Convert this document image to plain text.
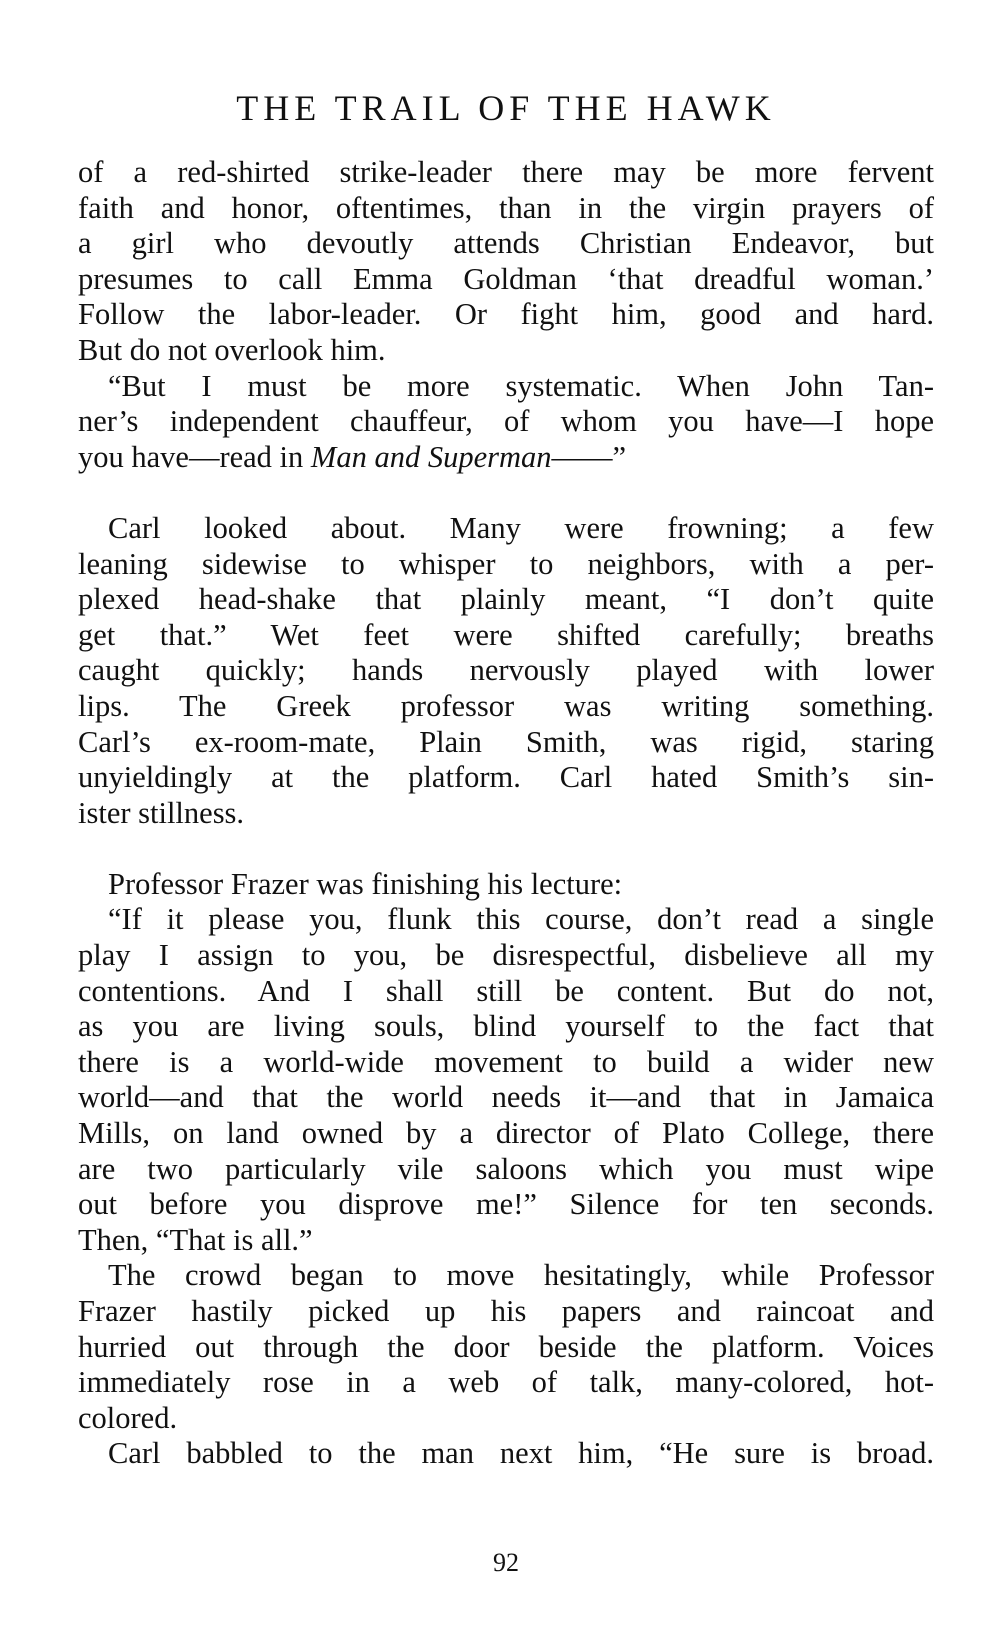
THE TRAIL OF THE HAWK
of a red-shirted strike-leader there may be more fervent
faith and honor, oftentimes, than in the virgin prayers of
a girl who devoutly attends Christian Endeavor, but
presumes to call Emma Goldman ‘that dreadful woman.’
Follow the labor-leader. Or fight him, good and hard.
But do not overlook him.
“But I must be more systematic. When John Tan-
ner’s independent chauffeur, of whom you have—I hope
you have—read in Man and Superman——”
Carl looked about. Many were frowning; a few
leaning sidewise to whisper to neighbors, with a per-
plexed head-shake that plainly meant, “I don’t quite
get that.” Wet feet were shifted carefully; breaths
caught quickly; hands nervously played with lower
lips. The Greek professor was writing something.
Carl’s ex-room-mate, Plain Smith, was rigid, staring
unyieldingly at the platform. Carl hated Smith’s sin-
ister stillness.
Professor Frazer was finishing his lecture:
“If it please you, flunk this course, don’t read a single
play I assign to you, be disrespectful, disbelieve all my
contentions. And I shall still be content. But do not,
as you are living souls, blind yourself to the fact that
there is a world-wide movement to build a wider new
world—and that the world needs it—and that in Jamaica
Mills, on land owned by a director of Plato College, there
are two particularly vile saloons which you must wipe
out before you disprove me!” Silence for ten seconds.
Then, “That is all.”
The crowd began to move hesitatingly, while Professor
Frazer hastily picked up his papers and raincoat and
hurried out through the door beside the platform. Voices
immediately rose in a web of talk, many-colored, hot-
colored.
Carl babbled to the man next him, “He sure is broad.
92
